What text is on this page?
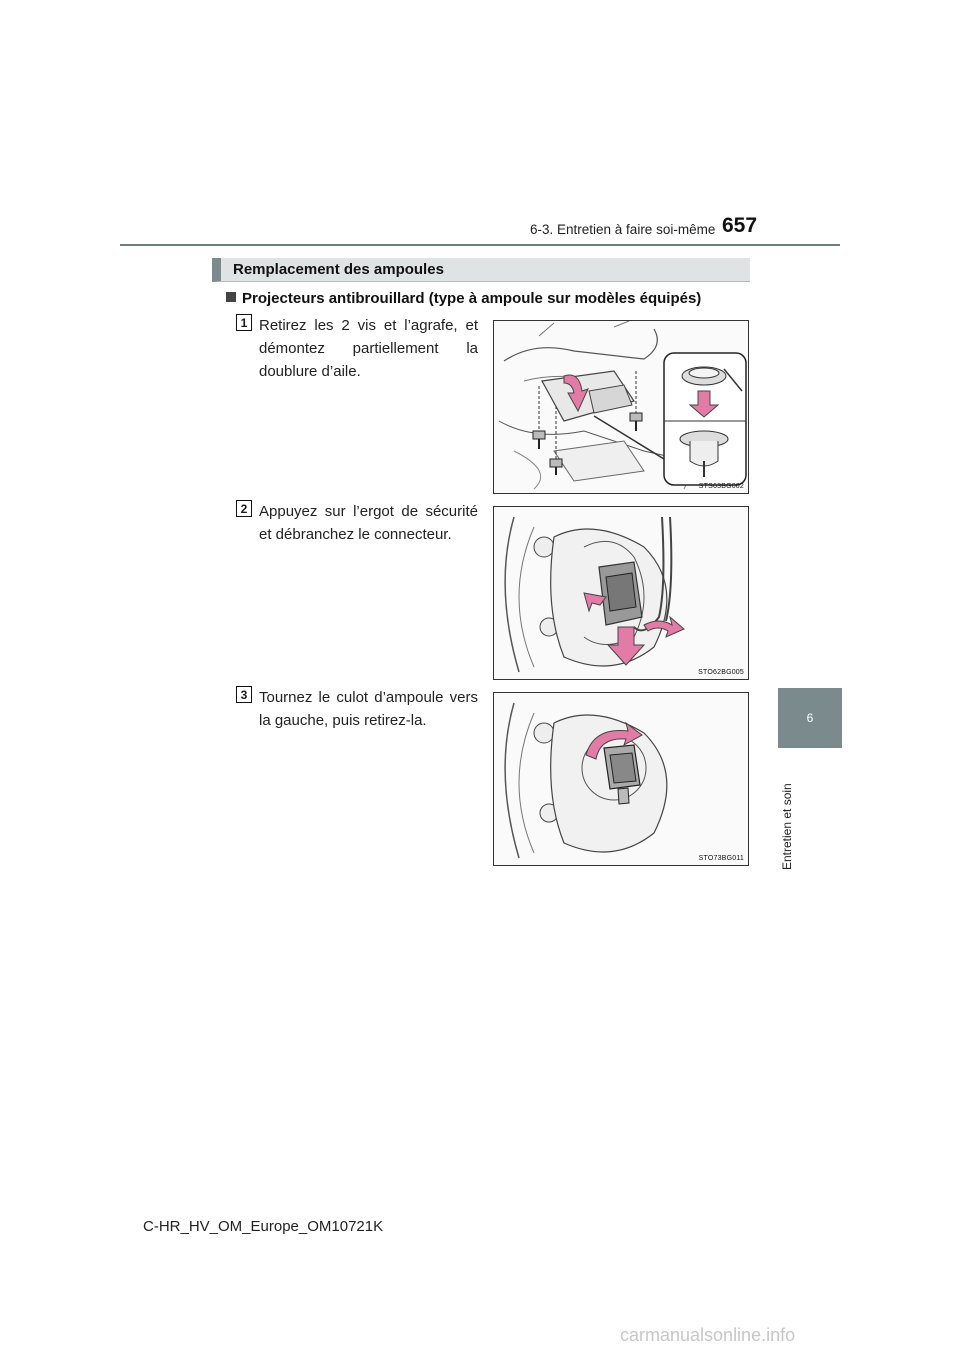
6-3. Entretien à faire soi-même 657
6
Entretien et soin
Remplacement des ampoules
Projecteurs antibrouillard (type à ampoule sur modèles équipés)
1 Retirez les 2 vis et l’agrafe, et démontez partiellement la doublure d’aile.
STS63BG002
2 Appuyez sur l’ergot de sécurité et débranchez le connecteur.
STO62BG005
3 Tournez le culot d’ampoule vers la gauche, puis retirez-la.
STO73BG011
C-HR_HV_OM_Europe_OM10721K
carmanualsonline.info
